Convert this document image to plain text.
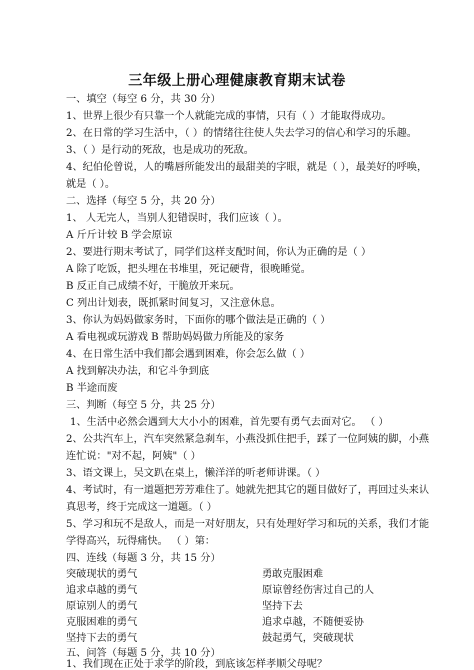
三年级上册心理健康教育期末试卷
一、填空（每空 6 分，共 30 分）
1、世界上很少有只靠一个人就能完成的事情，只有（ ）才能取得成功。
2、在日常的学习生活中，（ ）的情绪往往使人失去学习的信心和学习的乐趣。
3、（ ）是行动的死敌，也是成功的死敌。
4、纪伯伦曾说，人的嘴唇所能发出的最甜美的字眼，就是（ ），最美好的呼唤，
就是（ ）。
二、选择（每空 5 分，共 20 分）
1、 人无完人，当别人犯错误时，我们应该（ ）。
A 斤斤计较 B 学会原谅
2、要进行期末考试了，同学们这样支配时间，你认为正确的是（ ）
A 除了吃饭，把头埋在书堆里，死记硬背，很晚睡觉。
B 反正自己成绩不好，干脆放开来玩。
C 列出计划表，既抓紧时间复习，又注意休息。
3、你认为妈妈做家务时，下面你的哪个做法是正确的（ ）
A 看电视或玩游戏 B 帮助妈妈做力所能及的家务
4、在日常生活中我们都会遇到困难，你会怎么做（ ）
A 找到解决办法，和它斗争到底
B 半途而废
三、判断（每空 5 分，共 25 分）
1、生活中必然会遇到大大小小的困难，首先要有勇气去面对它。 （ ）
2、公共汽车上，汽车突然紧急刹车，小燕没抓住把手，踩了一位阿姨的脚，小燕
连忙说："对不起，阿姨"（ ）
3、语文课上，吴文趴在桌上，懒洋洋的听老师讲课。（ ）
4、考试时，有一道题把芳芳难住了。她就先把其它的题目做好了，再回过头来认
真思考，终于完成这一道题。（ ）
5、学习和玩不是敌人，而是一对好朋友，只有处理好学习和玩的关系，我们才能
学得高兴，玩得痛快。 （ ）第：
四、连线（每题 3 分，共 15 分）
突破现状的勇气	勇敢克服困难
追求卓越的勇气	原谅曾经伤害过自己的人
原谅别人的勇气	坚持下去
克服困难的勇气	追求卓越，不随便妥协
坚持下去的勇气	鼓起勇气，突破现状
五、问答（每题 5 分，共 10 分）
1、我们现在正处于求学的阶段，到底该怎样孝顺父母呢？
